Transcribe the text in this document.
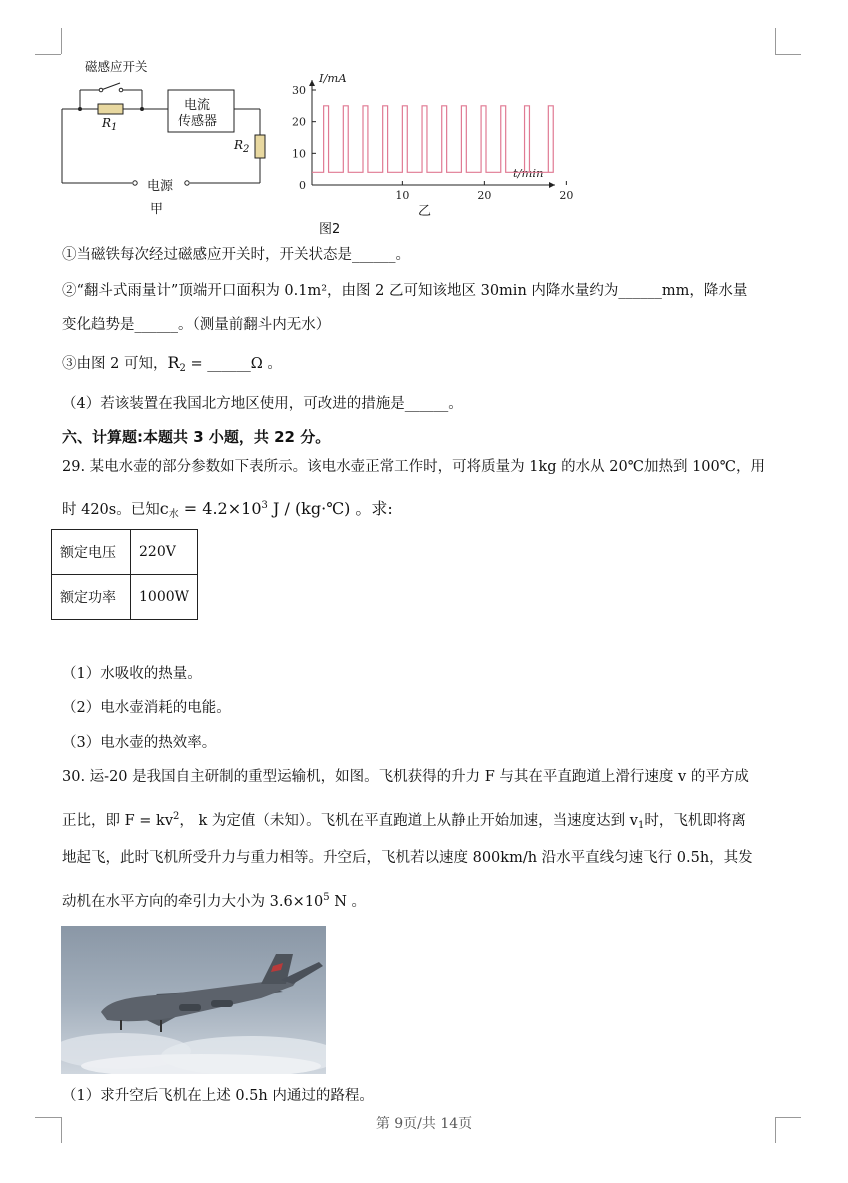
磁感应开关
$R_1$
电流
传感器
$R_2$
电源
甲
0
10
20
30
10	20	20
I/mA
t/min
乙
图2
①当磁铁每次经过磁感应开关时，开关状态是______。
②“翻斗式雨量计”顶端开口面积为 0.1m²，由图 2 乙可知该地区 30min 内降水量约为______mm，降水量
变化趋势是______。（测量前翻斗内无水）
③由图 2 可知，$R_2$ = ______Ω 。
（4）若该装置在我国北方地区使用，可改进的措施是______。
六、计算题:本题共 3 小题，共 22 分。
29. 某电水壶的部分参数如下表所示。该电水壶正常工作时，可将质量为 1kg 的水从 20℃加热到 100℃，用
时 420s。已知$c_水 = 4.2\times 10^3$ J / (kg·℃) 。求:
额定电压	220V
额定功率	1000W
（1）水吸收的热量。
（2）电水壶消耗的电能。
（3）电水壶的热效率。
30. 运-20 是我国自主研制的重型运输机，如图。飞机获得的升力 F 与其在平直跑道上滑行速度 v 的平方成
正比，即 $F = kv^2$， k 为定值（未知）。飞机在平直跑道上从静止开始加速，当速度达到 $v_1$时，飞机即将离
地起飞，此时飞机所受升力与重力相等。升空后，飞机若以速度 800km/h 沿水平直线匀速飞行 0.5h，其发
动机在水平方向的牵引力大小为 $3.6\times 10^5$ N 。
（1）求升空后飞机在上述 0.5h 内通过的路程。
第 9页/共 14页
